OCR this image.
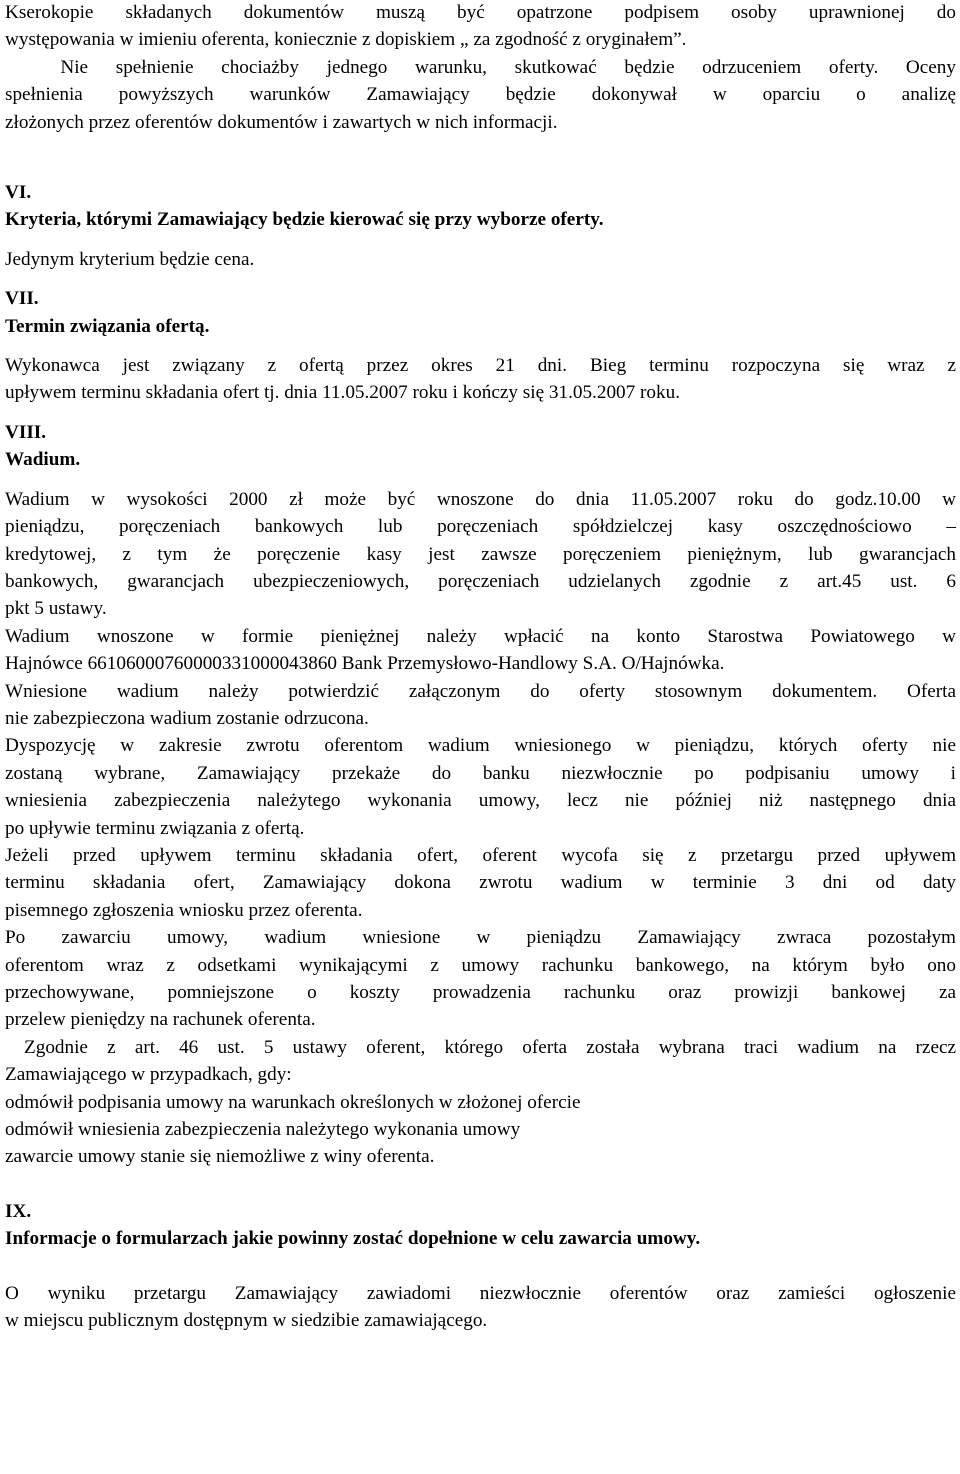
Kserokopie składanych dokumentów muszą być opatrzone podpisem osoby uprawnionej do

występowania w imieniu oferenta, koniecznie z dopiskiem „ za zgodność z oryginałem”.

Nie spełnienie chociażby jednego warunku, skutkować będzie odrzuceniem oferty. Oceny

spełnienia powyższych warunków Zamawiający będzie dokonywał w oparciu o analizę

złożonych przez oferentów dokumentów i zawartych w nich informacji.

VI.

Kryteria, którymi Zamawiający będzie kierować się przy wyborze oferty.

Jedynym kryterium będzie cena.

VII.

Termin związania ofertą.

Wykonawca jest związany z ofertą przez okres 21 dni. Bieg terminu rozpoczyna się wraz z

upływem terminu składania ofert tj. dnia 11.05.2007 roku i kończy się 31.05.2007 roku.

VIII.

Wadium.

Wadium w wysokości 2000 zł może być wnoszone do dnia 11.05.2007 roku do godz.10.00 w

pieniądzu, poręczeniach bankowych lub poręczeniach spółdzielczej kasy oszczędnościowo –

kredytowej, z tym że poręczenie kasy jest zawsze poręczeniem pieniężnym, lub gwarancjach

bankowych, gwarancjach ubezpieczeniowych, poręczeniach udzielanych zgodnie z art.45 ust. 6

pkt 5 ustawy.

Wadium wnoszone w formie pieniężnej należy wpłacić na konto Starostwa Powiatowego w

Hajnówce 66106000760000331000043860 Bank Przemysłowo-Handlowy S.A. O/Hajnówka.

Wniesione wadium należy potwierdzić załączonym do oferty stosownym dokumentem. Oferta

nie zabezpieczona wadium zostanie odrzucona.

Dyspozycję w zakresie zwrotu oferentom wadium wniesionego w pieniądzu, których oferty nie

zostaną wybrane, Zamawiający przekaże do banku niezwłocznie po podpisaniu umowy i

wniesienia zabezpieczenia należytego wykonania umowy, lecz nie później niż następnego dnia

po upływie terminu związania z ofertą.

Jeżeli przed upływem terminu składania ofert, oferent wycofa się z przetargu przed upływem

terminu składania ofert, Zamawiający dokona zwrotu wadium w terminie 3 dni od daty

pisemnego zgłoszenia wniosku przez oferenta.

Po zawarciu umowy, wadium wniesione w pieniądzu Zamawiający zwraca pozostałym

oferentom wraz z odsetkami wynikającymi z umowy rachunku bankowego, na którym było ono

przechowywane, pomniejszone o koszty prowadzenia rachunku oraz prowizji bankowej za

przelew pieniędzy na rachunek oferenta.

Zgodnie z art. 46 ust. 5 ustawy oferent, którego oferta została wybrana traci wadium na rzecz

Zamawiającego w przypadkach, gdy:

odmówił podpisania umowy na warunkach określonych w złożonej ofercie

odmówił wniesienia zabezpieczenia należytego wykonania umowy

zawarcie umowy stanie się niemożliwe z winy oferenta.

IX.

Informacje o formularzach jakie powinny zostać dopełnione w celu zawarcia umowy.

O wyniku przetargu Zamawiający zawiadomi niezwłocznie oferentów oraz zamieści ogłoszenie

w miejscu publicznym dostępnym w siedzibie zamawiającego.
